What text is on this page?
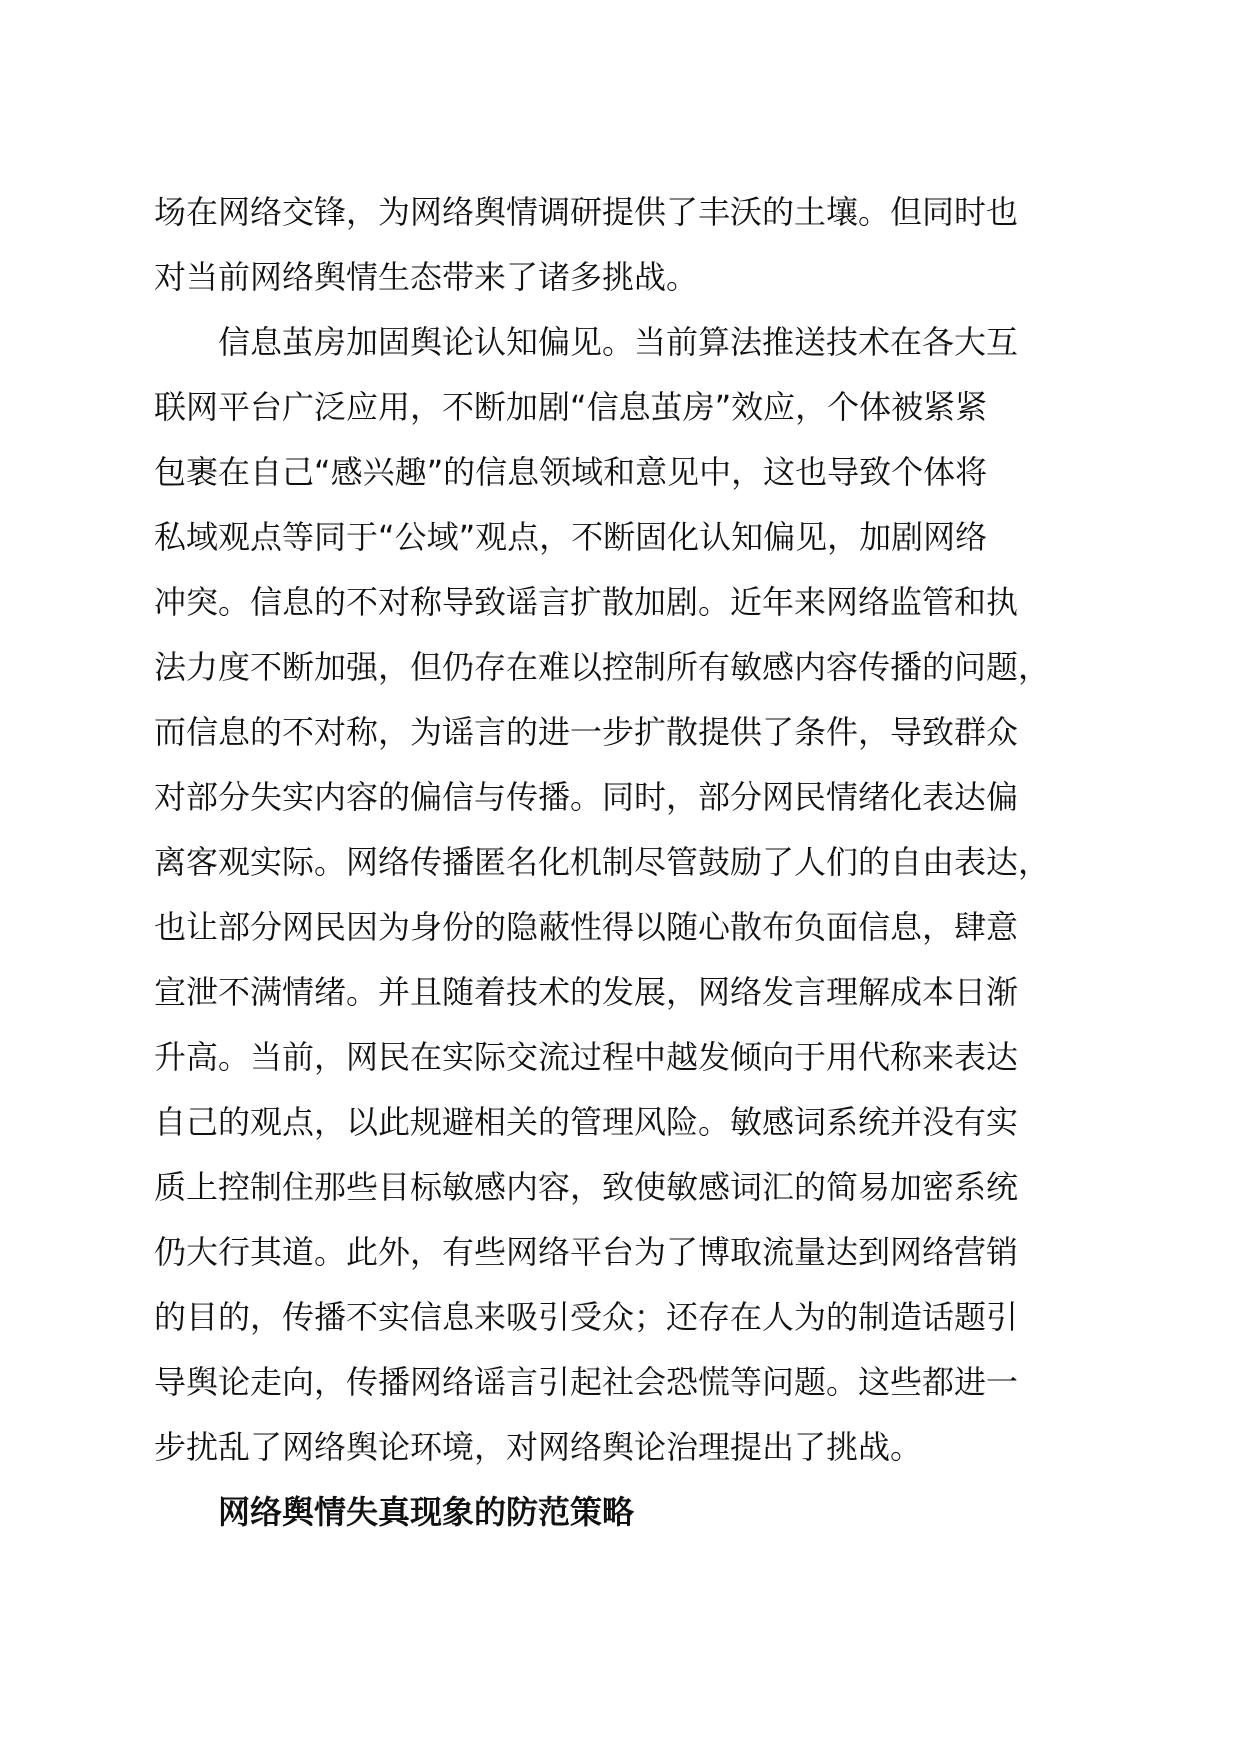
场在网络交锋，为网络舆情调研提供了丰沃的土壤。但同时也
对当前网络舆情生态带来了诸多挑战。
信息茧房加固舆论认知偏见。当前算法推送技术在各大互
联网平台广泛应用，不断加剧“信息茧房”效应，个体被紧紧
包裹在自己“感兴趣”的信息领域和意见中，这也导致个体将
私域观点等同于“公域”观点，不断固化认知偏见，加剧网络
冲突。信息的不对称导致谣言扩散加剧。近年来网络监管和执
法力度不断加强，但仍存在难以控制所有敏感内容传播的问题，
而信息的不对称，为谣言的进一步扩散提供了条件，导致群众
对部分失实内容的偏信与传播。同时，部分网民情绪化表达偏
离客观实际。网络传播匿名化机制尽管鼓励了人们的自由表达，
也让部分网民因为身份的隐蔽性得以随心散布负面信息，肆意
宣泄不满情绪。并且随着技术的发展，网络发言理解成本日渐
升高。当前，网民在实际交流过程中越发倾向于用代称来表达
自己的观点，以此规避相关的管理风险。敏感词系统并没有实
质上控制住那些目标敏感内容，致使敏感词汇的简易加密系统
仍大行其道。此外，有些网络平台为了博取流量达到网络营销
的目的，传播不实信息来吸引受众；还存在人为的制造话题引
导舆论走向，传播网络谣言引起社会恐慌等问题。这些都进一
步扰乱了网络舆论环境，对网络舆论治理提出了挑战。
网络舆情失真现象的防范策略
